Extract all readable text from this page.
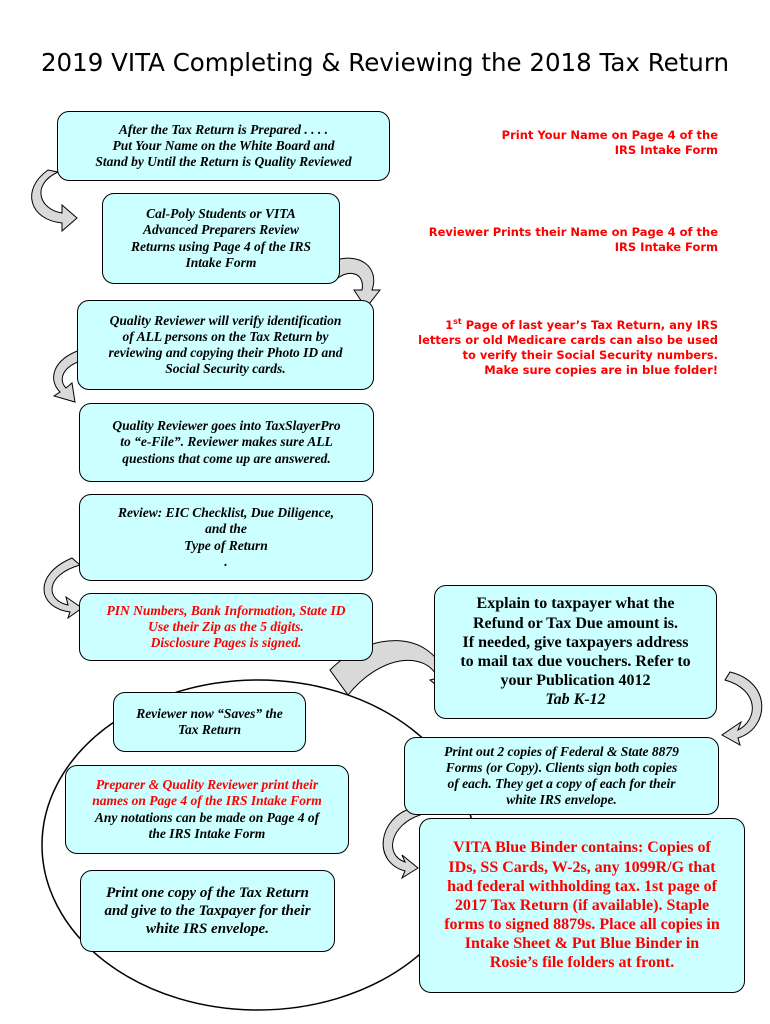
2019 VITA Completing & Reviewing the 2018 Tax Return
After the Tax Return is Prepared . . . .
Put Your Name on the White Board and
Stand by Until the Return is Quality Reviewed
Cal-Poly Students or VITA
Advanced Preparers Review
Returns using Page 4 of the IRS
Intake Form
Quality Reviewer will verify identification
of ALL persons on the Tax Return by
reviewing and copying their Photo ID and
Social Security cards.
Quality Reviewer goes into TaxSlayerPro
to “e-File”. Reviewer makes sure ALL
questions that come up are answered.
Review: EIC Checklist, Due Diligence,
and the
Type of Return
.
PIN Numbers, Bank Information, State ID
Use their Zip as the 5 digits.
Disclosure Pages is signed.
Reviewer now “Saves” the
Tax Return
Preparer & Quality Reviewer print their
names on Page 4 of the IRS Intake Form
Any notations can be made on Page 4 of
the IRS Intake Form
Print one copy of the Tax Return
and give to the Taxpayer for their
white IRS envelope.
Explain to taxpayer what the
Refund or Tax Due amount is.
If needed, give taxpayers address
to mail tax due vouchers. Refer to
your Publication 4012
Tab K-12
Print out 2 copies of Federal & State 8879
Forms (or Copy). Clients sign both copies
of each. They get a copy of each for their
white IRS envelope.
VITA Blue Binder contains: Copies of
IDs, SS Cards, W-2s, any 1099R/G that
had federal withholding tax. 1st page of
2017 Tax Return (if available). Staple
forms to signed 8879s. Place all copies in
Intake Sheet & Put Blue Binder in
Rosie’s file folders at front.
Print Your Name on Page 4 of the
IRS Intake Form
Reviewer Prints their Name on Page 4 of the
IRS Intake Form
1st Page of last year’s Tax Return, any IRS
letters or old Medicare cards can also be used
to verify their Social Security numbers.
Make sure copies are in blue folder!
